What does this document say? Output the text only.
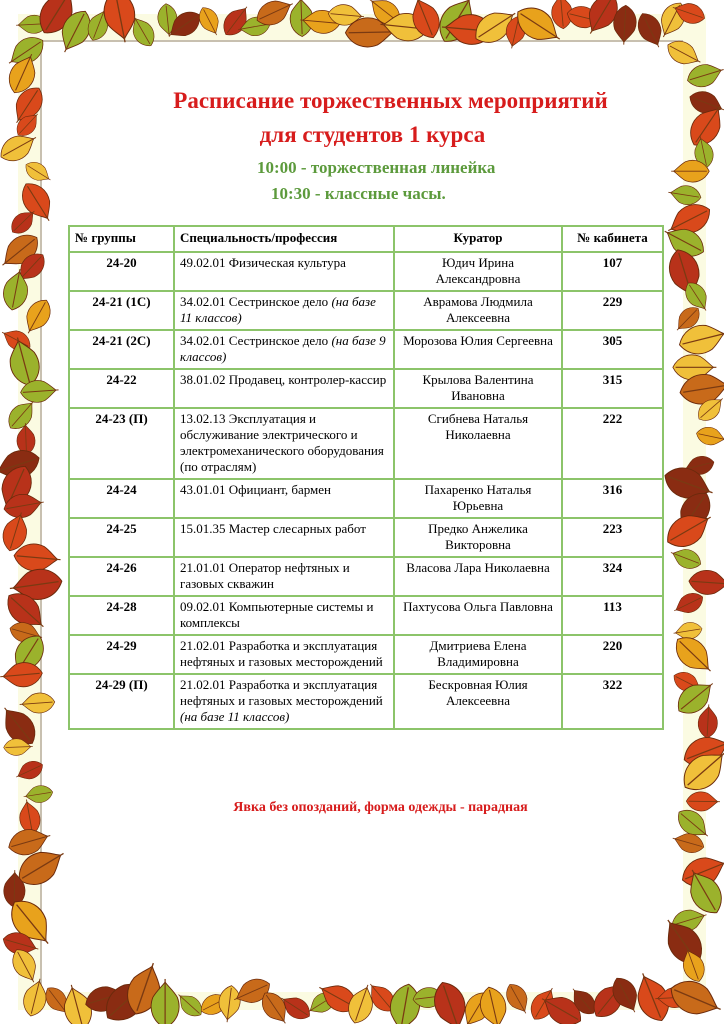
Расписание торжественных мероприятий
для студентов 1 курса

10:00 - торжественная линейка

10:30 - классные часы.

№ группы	Специальность/профессия	Куратор	№ кабинета
24-20	49.02.01 Физическая культура	Юдич Ирина Александровна	107
24-21 (1С)	34.02.01 Сестринское дело (на базе 11 классов)	Аврамова Людмила Алексеевна	229
24-21 (2С)	34.02.01 Сестринское дело (на базе 9 классов)	Морозова Юлия Сергеевна	305
24-22	38.01.02 Продавец, контролер-кассир	Крылова Валентина Ивановна	315
24-23 (П)	13.02.13 Эксплуатация и обслуживание электрического и электромеханического оборудования (по отраслям)	Сгибнева Наталья Николаевна	222
24-24	43.01.01 Официант, бармен	Пахаренко Наталья Юрьевна	316
24-25	15.01.35 Мастер слесарных работ	Предко Анжелика Викторовна	223
24-26	21.01.01 Оператор нефтяных и газовых скважин	Власова Лара Николаевна	324
24-28	09.02.01 Компьютерные системы и комплексы	Пахтусова Ольга Павловна	113
24-29	21.02.01 Разработка и эксплуатация нефтяных и газовых месторождений	Дмитриева Елена Владимировна	220
24-29 (П)	21.02.01 Разработка и эксплуатация нефтяных и газовых месторождений (на базе 11 классов)	Бескровная Юлия Алексеевна	322

Явка без опозданий, форма одежды - парадная
